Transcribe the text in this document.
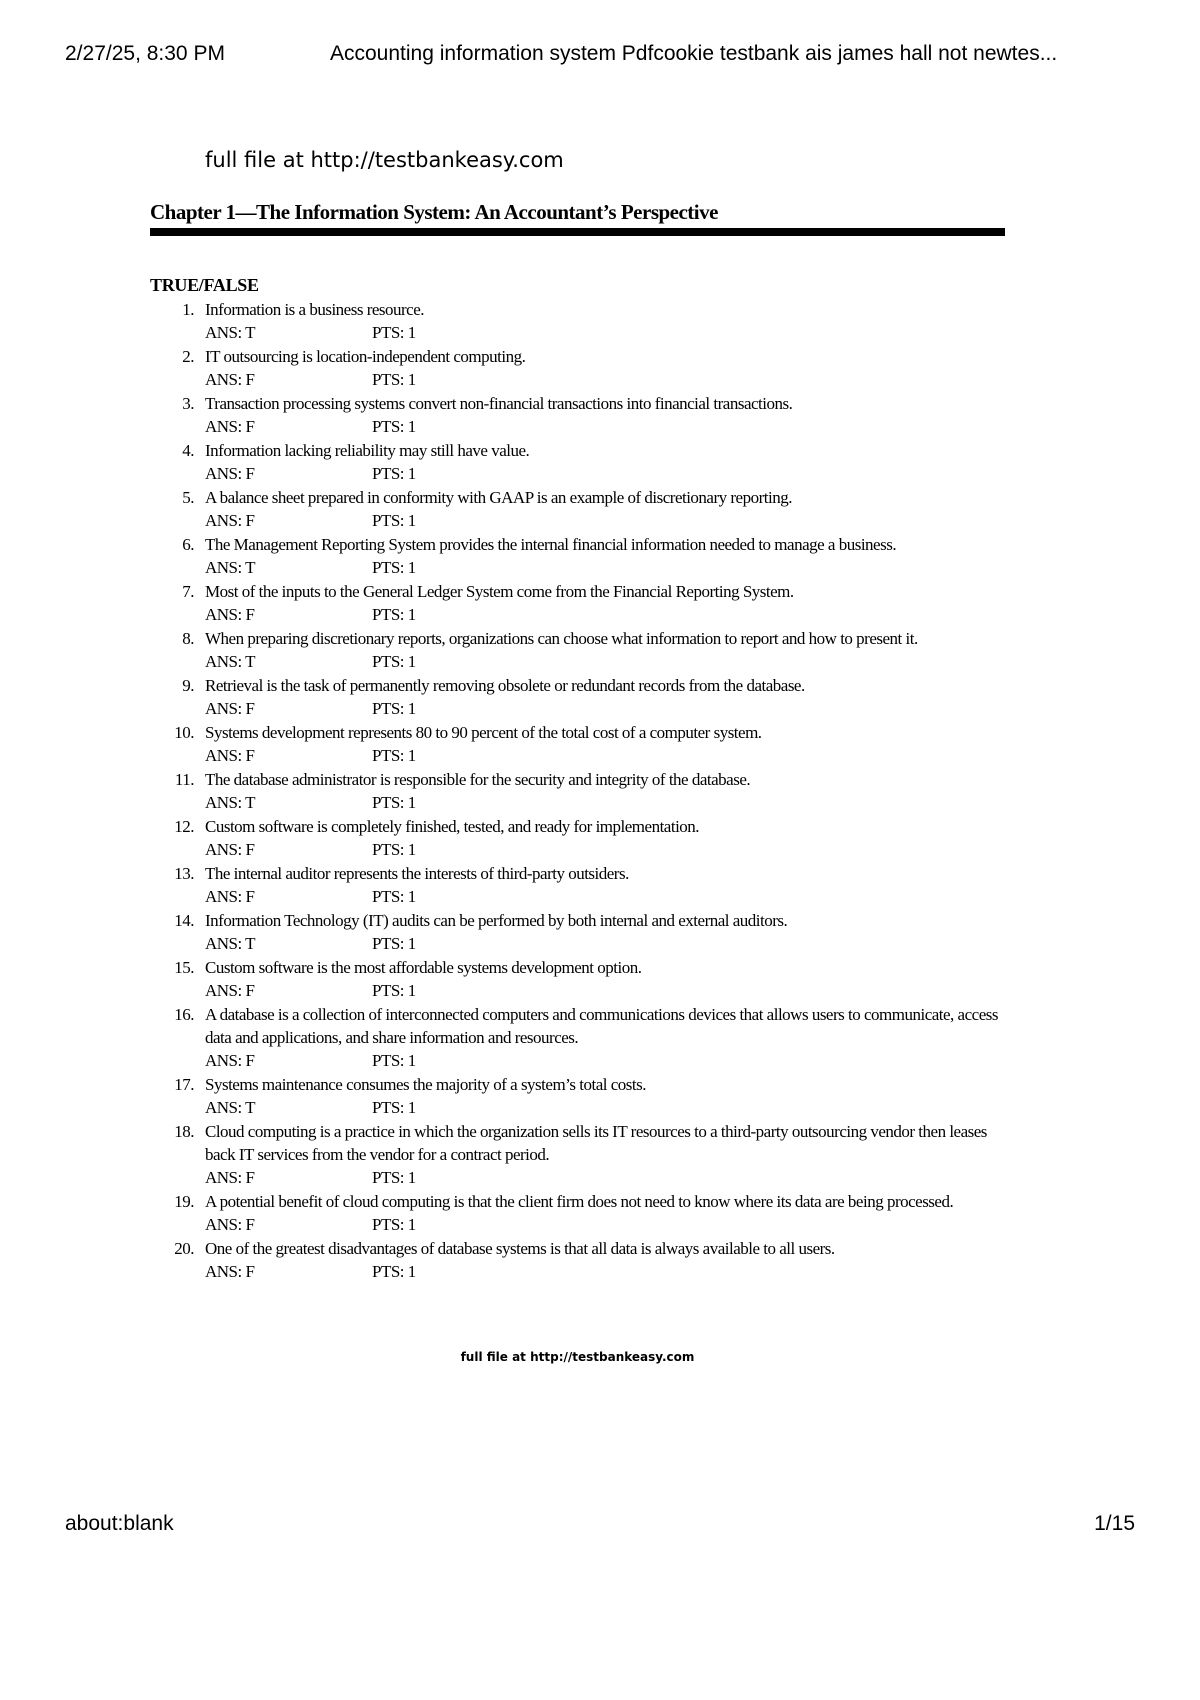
2/27/25, 8:30 PM	Accounting information system Pdfcookie testbank ais james hall not newtes...
full file at http://testbankeasy.com
Chapter 1—The Information System: An Accountant’s Perspective
TRUE/FALSE
1. Information is a business resource.
ANS: T	PTS: 1
2. IT outsourcing is location-independent computing.
ANS: F	PTS: 1
3. Transaction processing systems convert non-financial transactions into financial transactions.
ANS: F	PTS: 1
4. Information lacking reliability may still have value.
ANS: F	PTS: 1
5. A balance sheet prepared in conformity with GAAP is an example of discretionary reporting.
ANS: F	PTS: 1
6. The Management Reporting System provides the internal financial information needed to manage a business.
ANS: T	PTS: 1
7. Most of the inputs to the General Ledger System come from the Financial Reporting System.
ANS: F	PTS: 1
8. When preparing discretionary reports, organizations can choose what information to report and how to present it.
ANS: T	PTS: 1
9. Retrieval is the task of permanently removing obsolete or redundant records from the database.
ANS: F	PTS: 1
10. Systems development represents 80 to 90 percent of the total cost of a computer system.
ANS: F	PTS: 1
11. The database administrator is responsible for the security and integrity of the database.
ANS: T	PTS: 1
12. Custom software is completely finished, tested, and ready for implementation.
ANS: F	PTS: 1
13. The internal auditor represents the interests of third-party outsiders.
ANS: F	PTS: 1
14. Information Technology (IT) audits can be performed by both internal and external auditors.
ANS: T	PTS: 1
15. Custom software is the most affordable systems development option.
ANS: F	PTS: 1
16. A database is a collection of interconnected computers and communications devices that allows users to communicate, access data and applications, and share information and resources.
ANS: F	PTS: 1
17. Systems maintenance consumes the majority of a system’s total costs.
ANS: T	PTS: 1
18. Cloud computing is a practice in which the organization sells its IT resources to a third-party outsourcing vendor then leases back IT services from the vendor for a contract period.
ANS: F	PTS: 1
19. A potential benefit of cloud computing is that the client firm does not need to know where its data are being processed.
ANS: F	PTS: 1
20. One of the greatest disadvantages of database systems is that all data is always available to all users.
ANS: F	PTS: 1
full file at http://testbankeasy.com
about:blank	1/15
